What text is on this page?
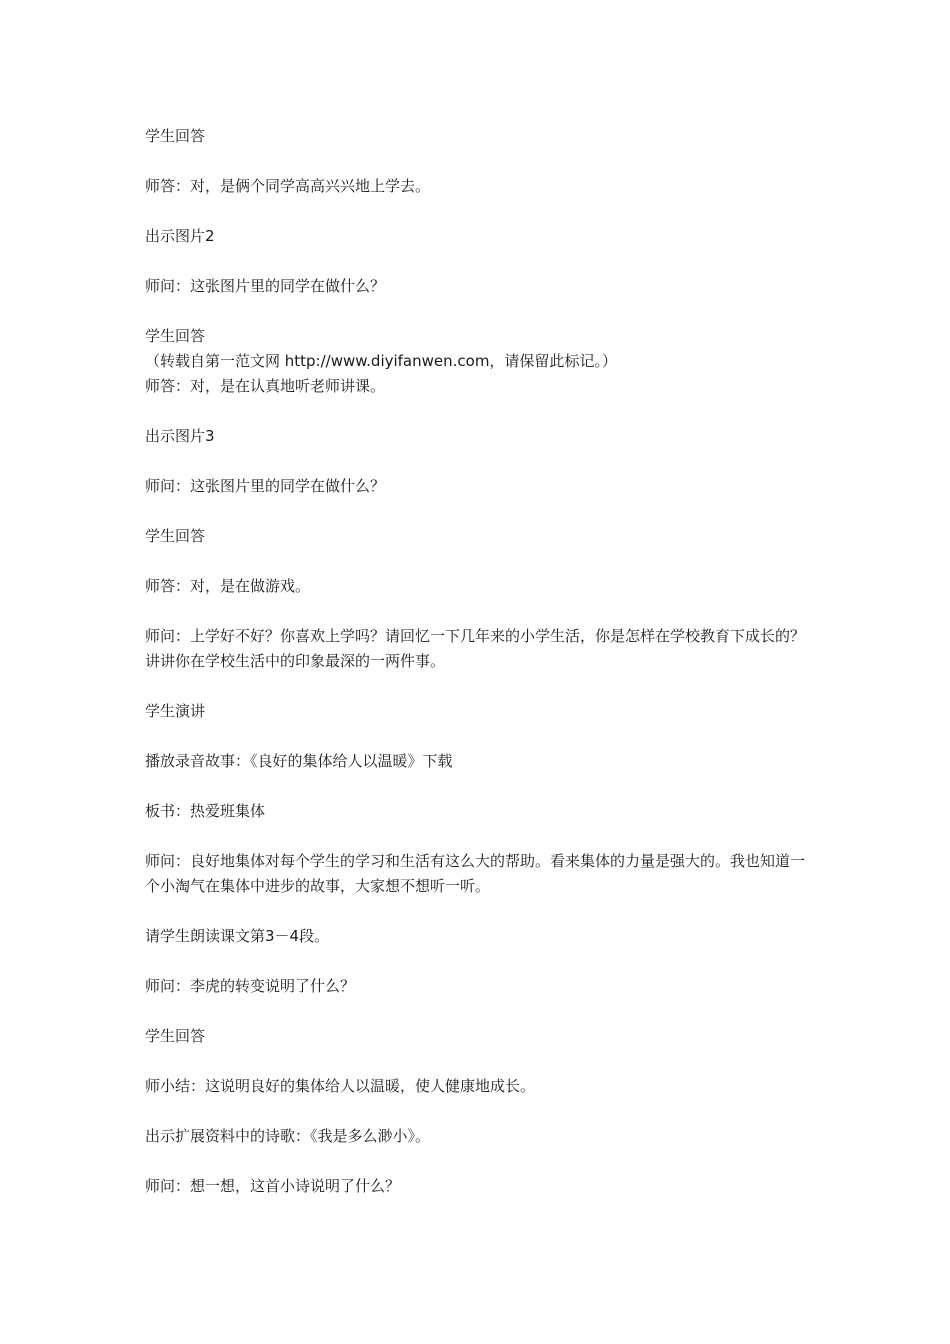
学生回答

师答：对，是俩个同学高高兴兴地上学去。

出示图片2

师问：这张图片里的同学在做什么？

学生回答

（转载自第一范文网 http://www.diyifanwen.com，请保留此标记。）

师答：对，是在认真地听老师讲课。

出示图片3

师问：这张图片里的同学在做什么？

学生回答

师答：对，是在做游戏。

师问：上学好不好？你喜欢上学吗？请回忆一下几年来的小学生活，你是怎样在学校教育下成长的？讲讲你在学校生活中的印象最深的一两件事。

学生演讲

播放录音故事：《良好的集体给人以温暖》下载

板书：热爱班集体

师问：良好地集体对每个学生的学习和生活有这么大的帮助。看来集体的力量是强大的。我也知道一个小淘气在集体中进步的故事，大家想不想听一听。

请学生朗读课文第3－4段。

师问：李虎的转变说明了什么？

学生回答

师小结：这说明良好的集体给人以温暖，使人健康地成长。

出示扩展资料中的诗歌：《我是多么渺小》。

师问：想一想，这首小诗说明了什么？
